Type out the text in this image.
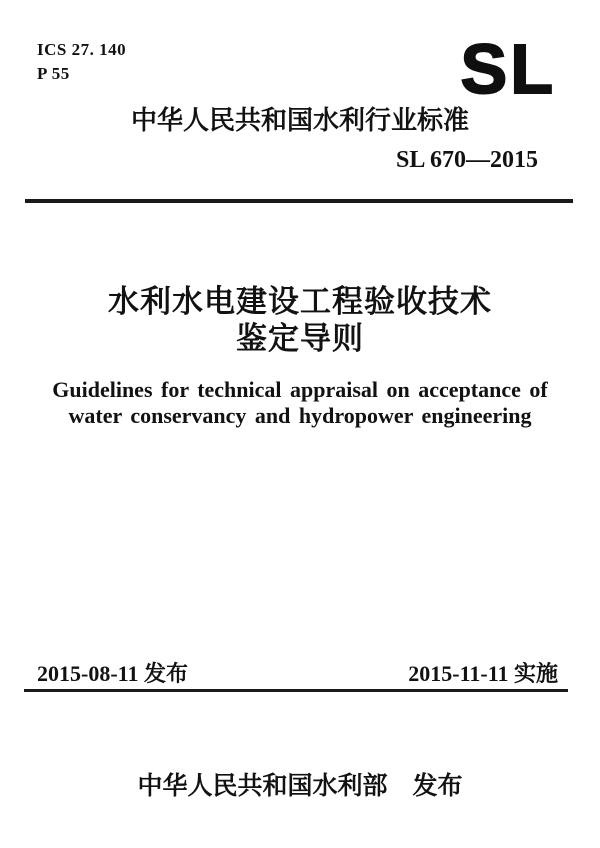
ICS 27. 140
P 55	SL
中华人民共和国水利行业标准
SL 670—2015
水利水电建设工程验收技术
鉴定导则
Guidelines for technical appraisal on acceptance of
water conservancy and hydropower engineering
2015-08-11 发布	2015-11-11 实施
中华人民共和国水利部　发布
